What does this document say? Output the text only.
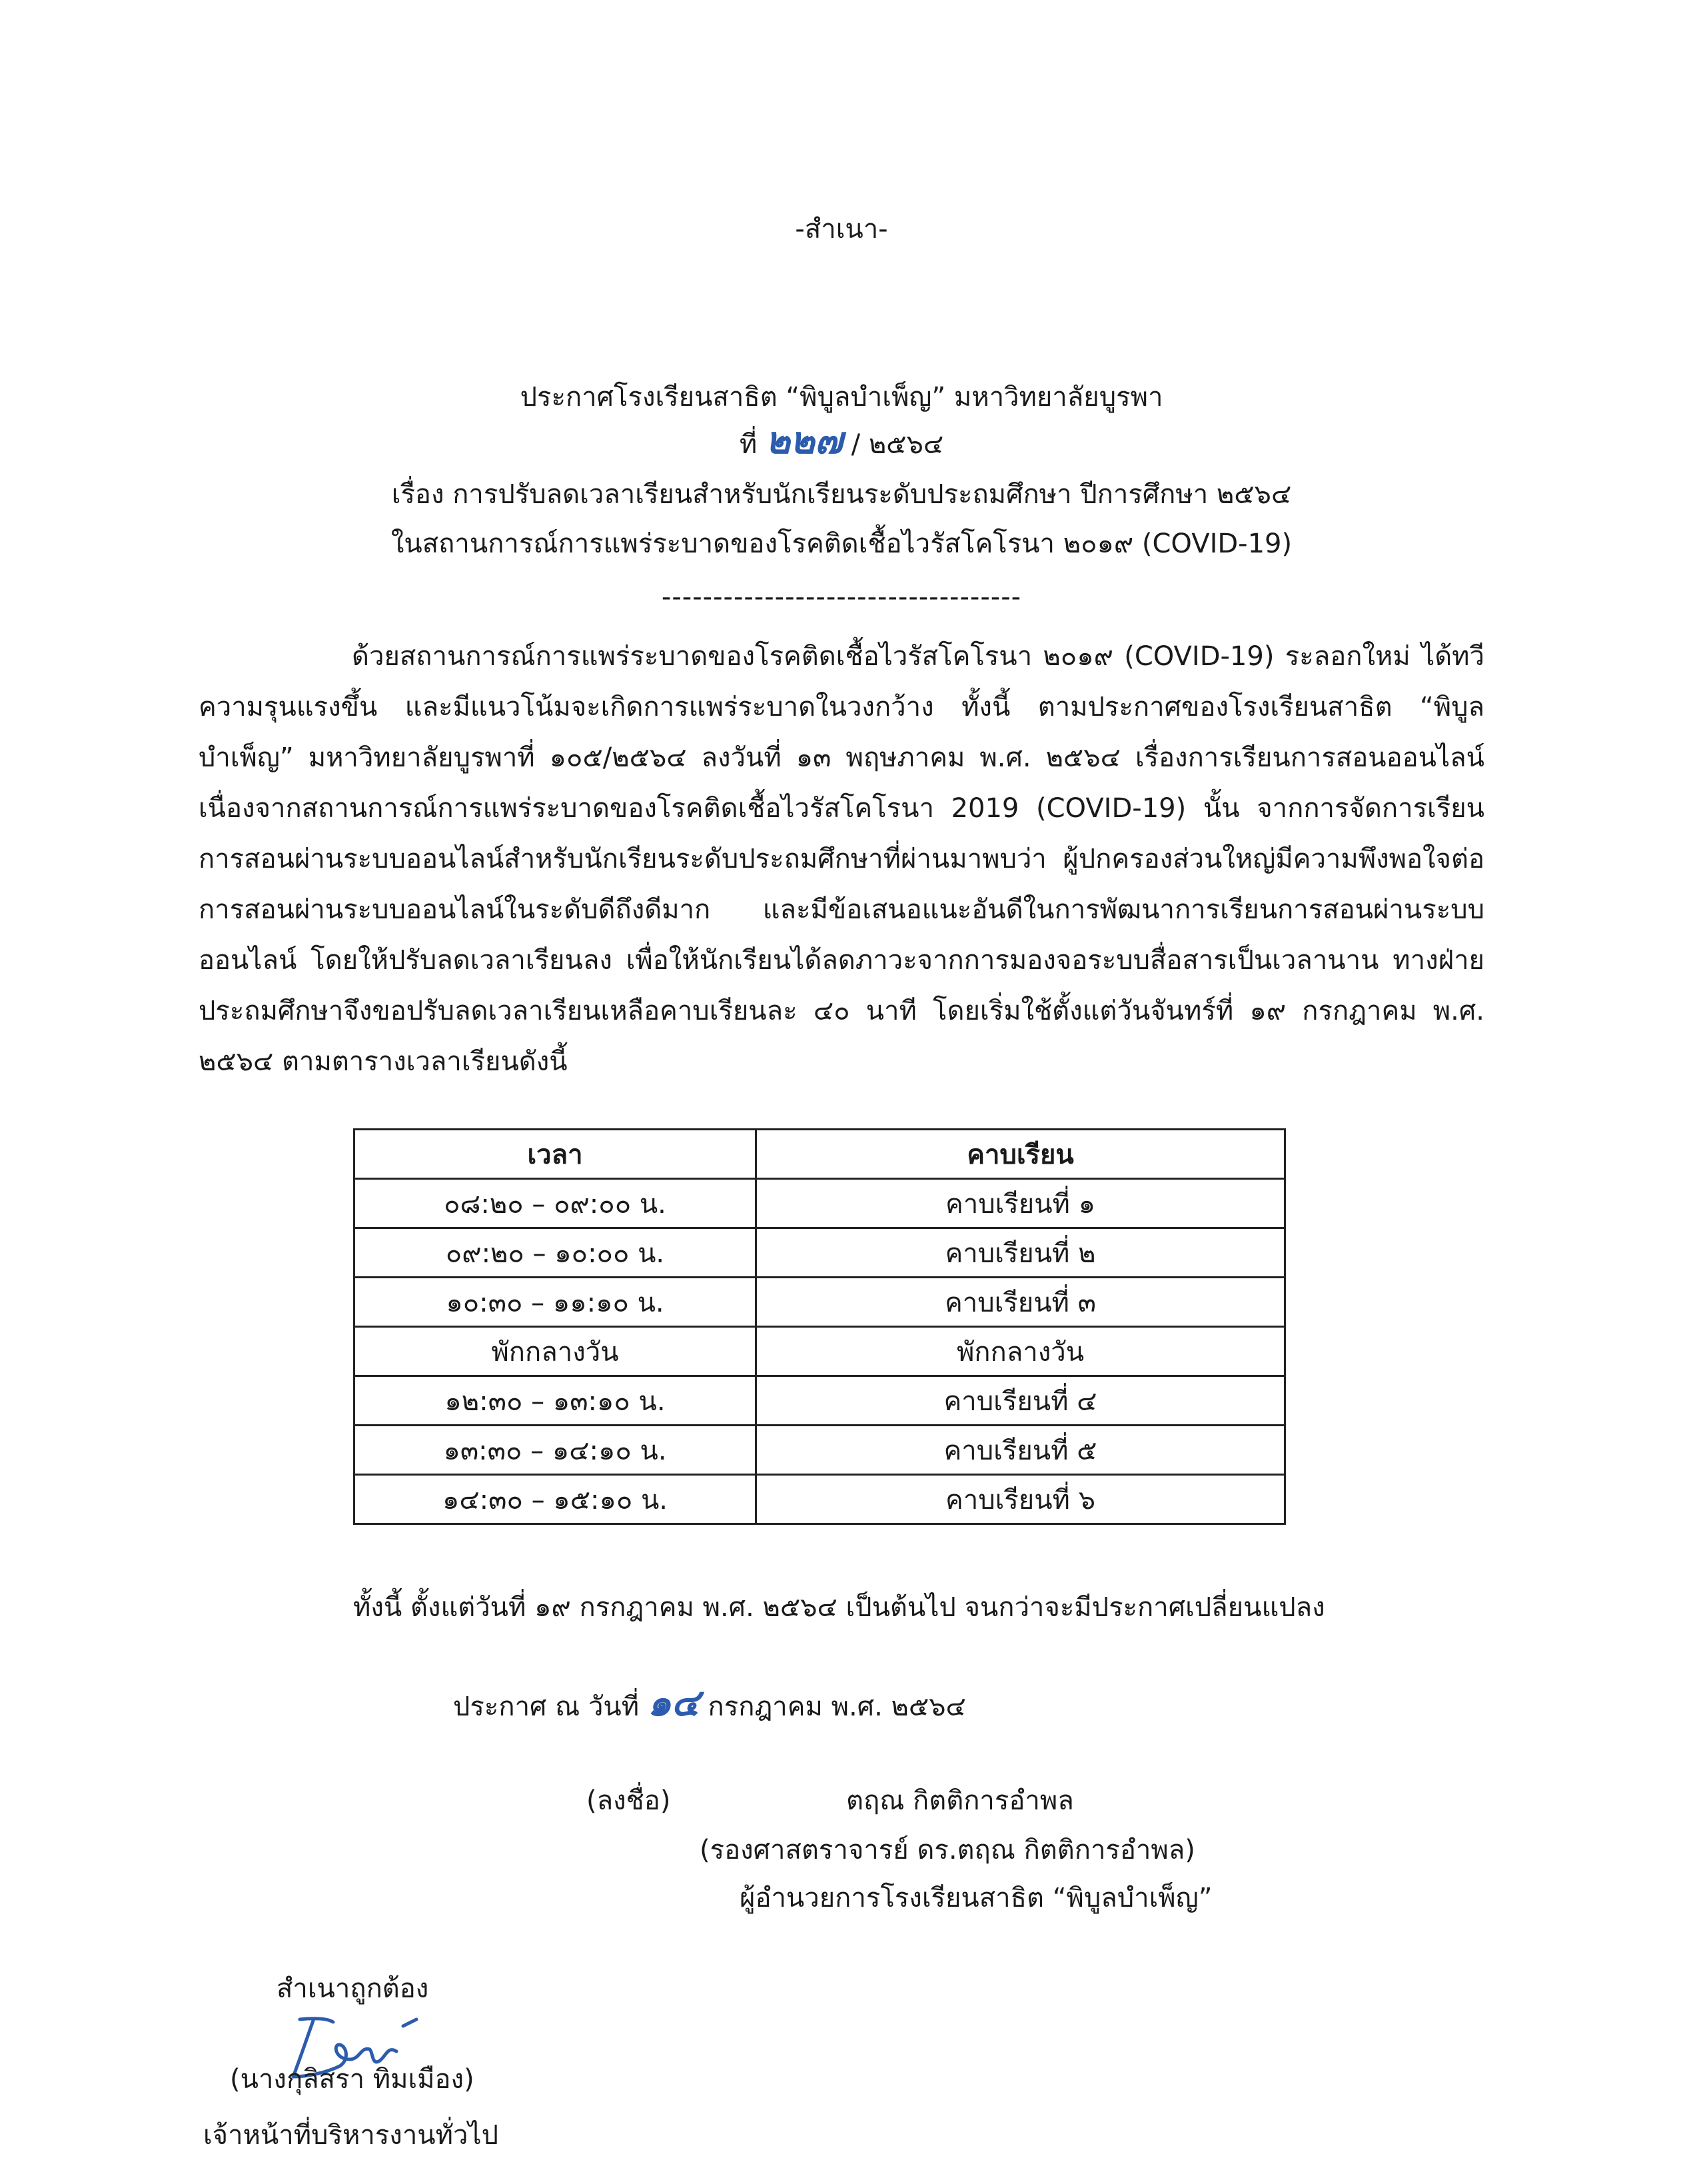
-สำเนา-
ประกาศโรงเรียนสาธิต “พิบูลบำเพ็ญ” มหาวิทยาลัยบูรพา
ที่ ๒๒๗ / ๒๕๖๔
เรื่อง การปรับลดเวลาเรียนสำหรับนักเรียนระดับประถมศึกษา ปีการศึกษา ๒๕๖๔
ในสถานการณ์การแพร่ระบาดของโรคติดเชื้อไวรัสโคโรนา ๒๐๑๙ (COVID-19)
-----------------------------------
ด้วยสถานการณ์การแพร่ระบาดของโรคติดเชื้อไวรัสโคโรนา ๒๐๑๙ (COVID-19) ระลอกใหม่ ได้ทวีความรุนแรงขึ้น และมีแนวโน้มจะเกิดการแพร่ระบาดในวงกว้าง ทั้งนี้ ตามประกาศของโรงเรียนสาธิต “พิบูลบำเพ็ญ” มหาวิทยาลัยบูรพาที่ ๑๐๕/๒๕๖๔ ลงวันที่ ๑๓ พฤษภาคม พ.ศ. ๒๕๖๔ เรื่องการเรียนการสอนออนไลน์เนื่องจากสถานการณ์การแพร่ระบาดของโรคติดเชื้อไวรัสโคโรนา 2019 (COVID-19) นั้น จากการจัดการเรียนการสอนผ่านระบบออนไลน์สำหรับนักเรียนระดับประถมศึกษาที่ผ่านมาพบว่า ผู้ปกครองส่วนใหญ่มีความพึงพอใจต่อการสอนผ่านระบบออนไลน์ในระดับดีถึงดีมาก และมีข้อเสนอแนะอันดีในการพัฒนาการเรียนการสอนผ่านระบบออนไลน์ โดยให้ปรับลดเวลาเรียนลง เพื่อให้นักเรียนได้ลดภาวะจากการมองจอระบบสื่อสารเป็นเวลานาน ทางฝ่ายประถมศึกษาจึงขอปรับลดเวลาเรียนเหลือคาบเรียนละ ๔๐ นาที โดยเริ่มใช้ตั้งแต่วันจันทร์ที่ ๑๙ กรกฎาคม พ.ศ. ๒๕๖๔ ตามตารางเวลาเรียนดังนี้
เวลา	คาบเรียน
๐๘:๒๐ – ๐๙:๐๐ น.	คาบเรียนที่ ๑
๐๙:๒๐ – ๑๐:๐๐ น.	คาบเรียนที่ ๒
๑๐:๓๐ – ๑๑:๑๐ น.	คาบเรียนที่ ๓
พักกลางวัน	พักกลางวัน
๑๒:๓๐ – ๑๓:๑๐ น.	คาบเรียนที่ ๔
๑๓:๓๐ – ๑๔:๑๐ น.	คาบเรียนที่ ๕
๑๔:๓๐ – ๑๕:๑๐ น.	คาบเรียนที่ ๖
ทั้งนี้ ตั้งแต่วันที่ ๑๙ กรกฎาคม พ.ศ. ๒๕๖๔ เป็นต้นไป จนกว่าจะมีประกาศเปลี่ยนแปลง
ประกาศ ณ วันที่ ๑๔ กรกฎาคม พ.ศ. ๒๕๖๔
(ลงชื่อ)	ตฤณ กิตติการอำพล
(รองศาสตราจารย์ ดร.ตฤณ กิตติการอำพล)
ผู้อำนวยการโรงเรียนสาธิต “พิบูลบำเพ็ญ”
สำเนาถูกต้อง
(นางกุลิสรา ทิมเมือง)
เจ้าหน้าที่บริหารงานทั่วไป
